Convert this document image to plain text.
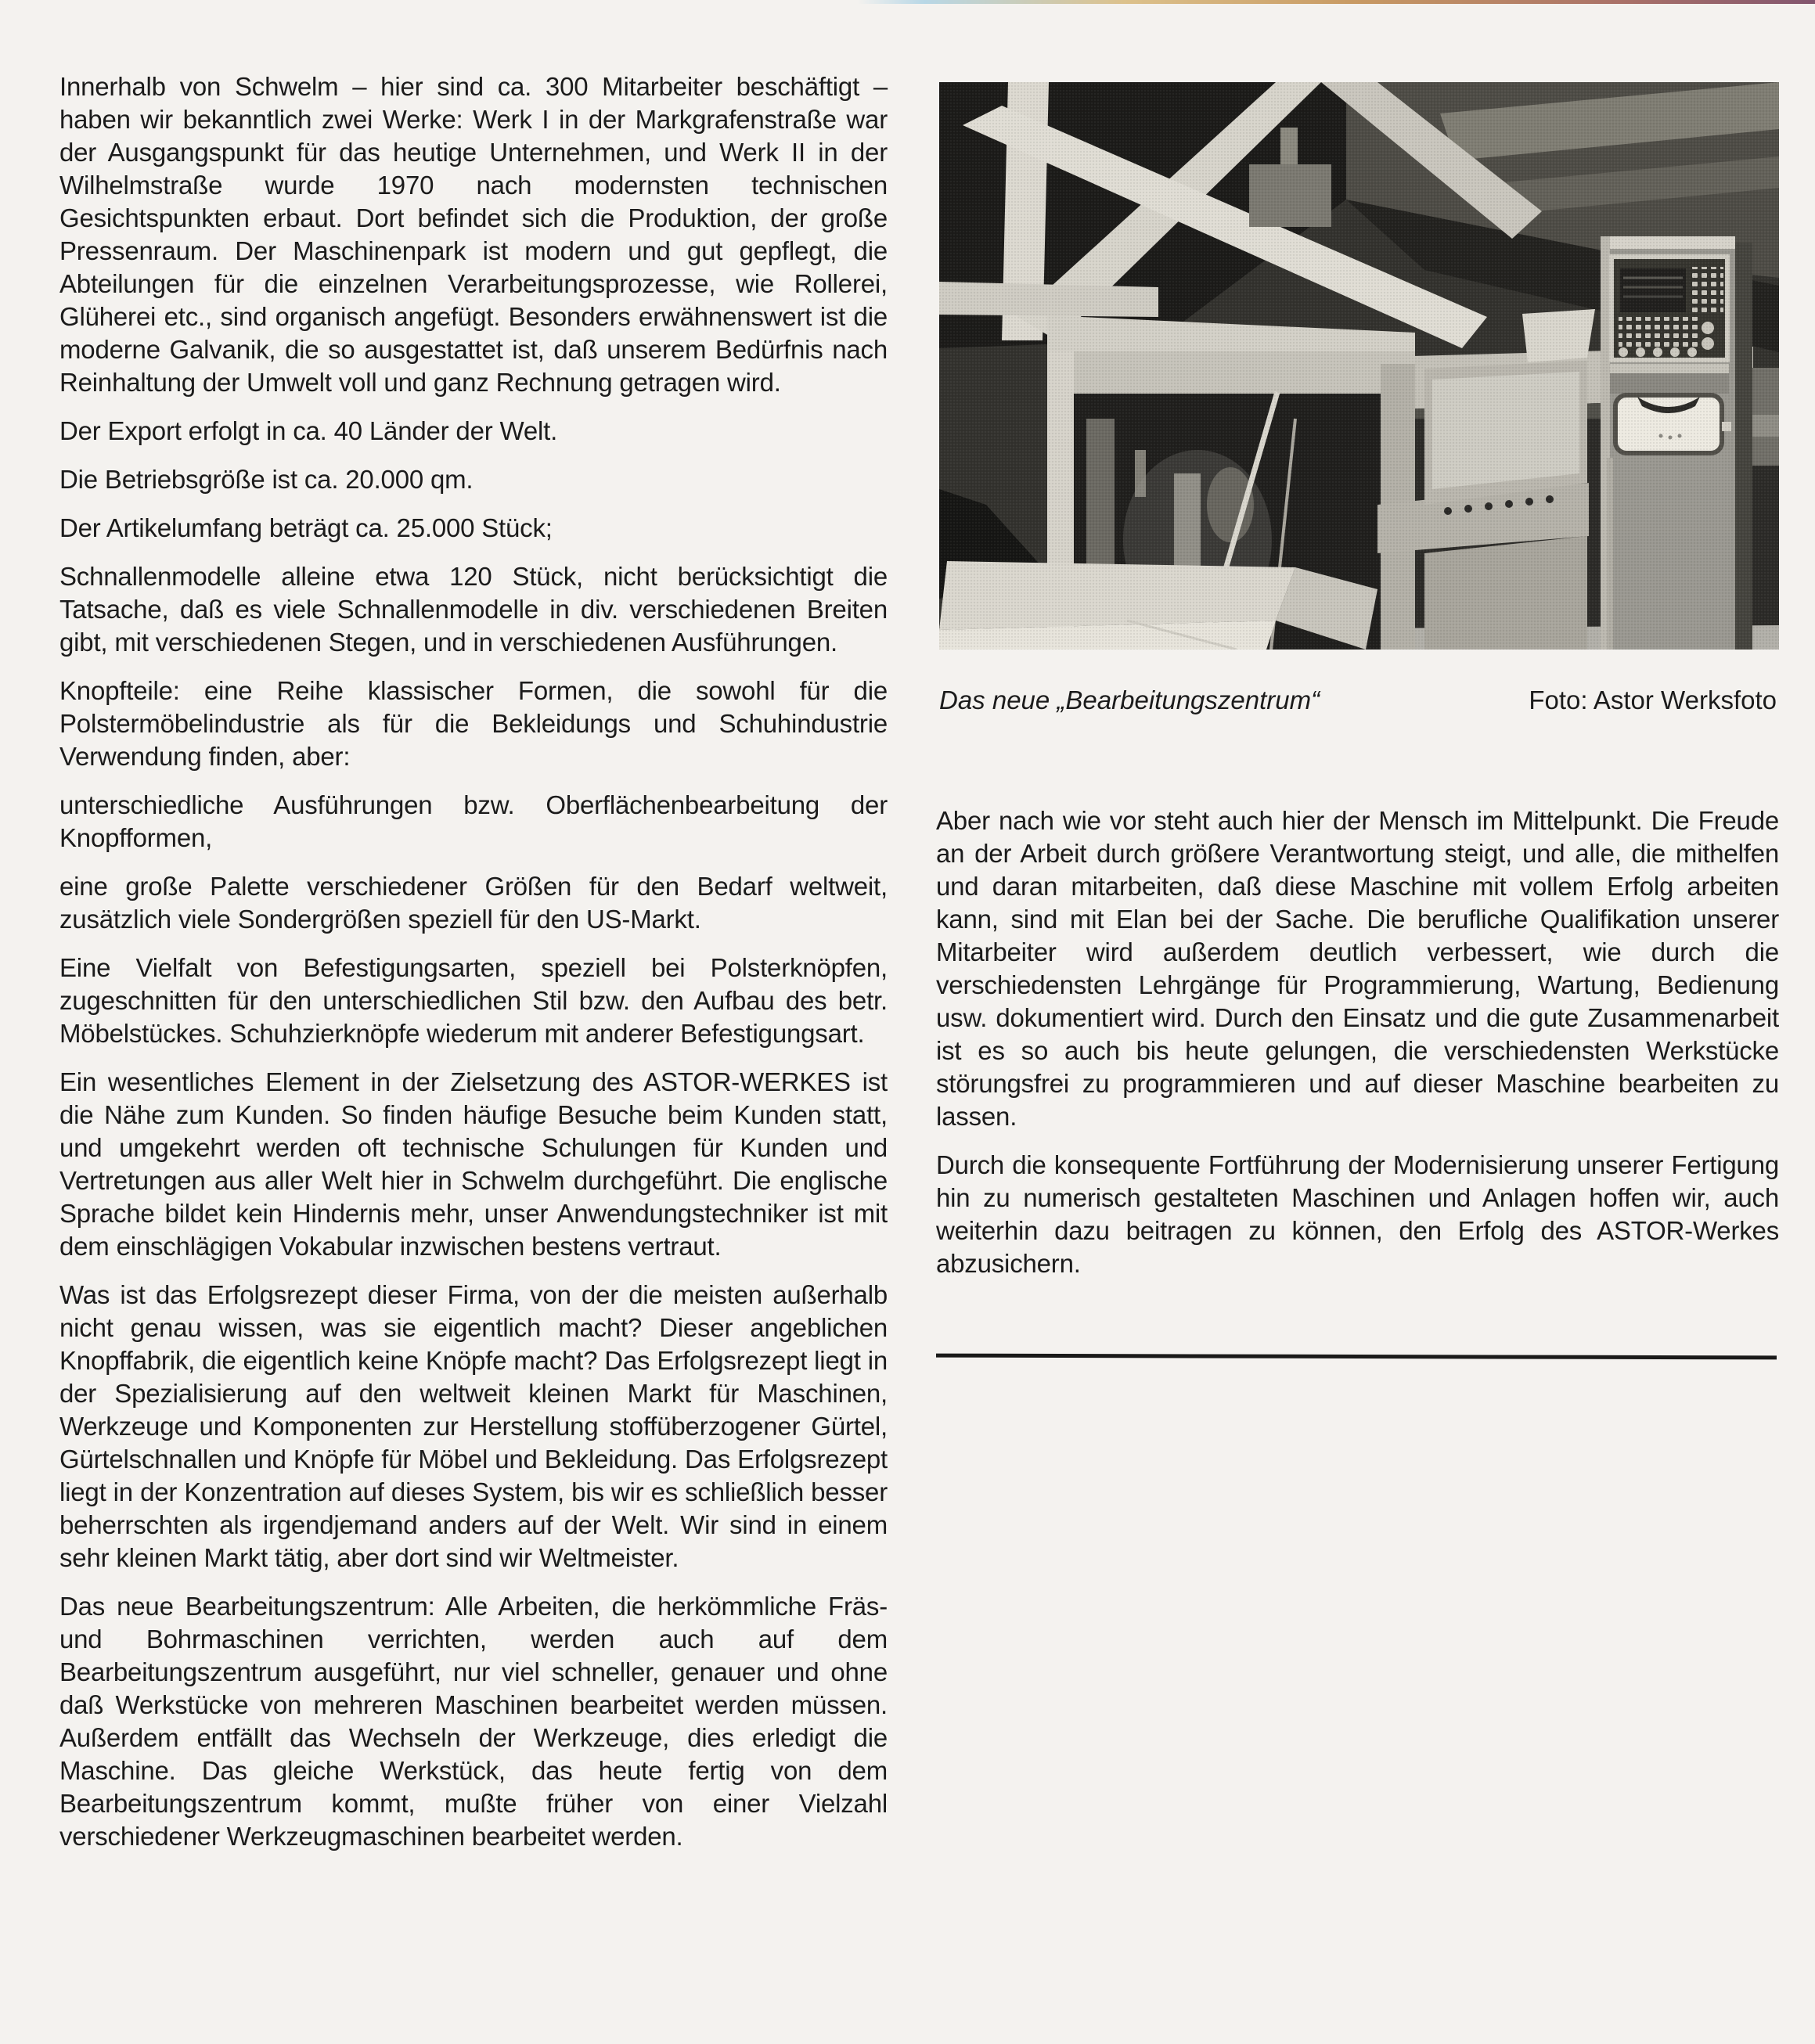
Innerhalb von Schwelm – hier sind ca. 300 Mitarbeiter beschäftigt – haben wir bekanntlich zwei Werke: Werk I in der Markgrafenstraße war der Ausgangspunkt für das heutige Unternehmen, und Werk II in der Wilhelmstraße wurde 1970 nach modernsten technischen Gesichtspunkten erbaut. Dort befindet sich die Produktion, der große Pressenraum. Der Maschinenpark ist modern und gut gepflegt, die Abteilungen für die einzelnen Verarbeitungsprozesse, wie Rollerei, Glüherei etc., sind organisch angefügt. Besonders erwähnenswert ist die moderne Galvanik, die so ausgestattet ist, daß unserem Bedürfnis nach Reinhaltung der Umwelt voll und ganz Rechnung getragen wird.

Der Export erfolgt in ca. 40 Länder der Welt.

Die Betriebsgröße ist ca. 20.000 qm.

Der Artikelumfang beträgt ca. 25.000 Stück;

Schnallenmodelle alleine etwa 120 Stück, nicht berücksichtigt die Tatsache, daß es viele Schnallenmodelle in div. verschiedenen Breiten gibt, mit verschiedenen Stegen, und in verschiedenen Ausführungen.

Knopfteile: eine Reihe klassischer Formen, die sowohl für die Polstermöbelindustrie als für die Bekleidungs und Schuhindustrie Verwendung finden, aber:

unterschiedliche Ausführungen bzw. Oberflächenbearbeitung der Knopfformen,

eine große Palette verschiedener Größen für den Bedarf weltweit, zusätzlich viele Sondergrößen speziell für den US-Markt.

Eine Vielfalt von Befestigungsarten, speziell bei Polsterknöpfen, zugeschnitten für den unterschiedlichen Stil bzw. den Aufbau des betr. Möbelstückes. Schuhzierknöpfe wiederum mit anderer Befestigungsart.

Ein wesentliches Element in der Zielsetzung des ASTOR-WERKES ist die Nähe zum Kunden. So finden häufige Besuche beim Kunden statt, und umgekehrt werden oft technische Schulungen für Kunden und Vertretungen aus aller Welt hier in Schwelm durchgeführt. Die englische Sprache bildet kein Hindernis mehr, unser Anwendungstechniker ist mit dem einschlägigen Vokabular inzwischen bestens vertraut.

Was ist das Erfolgsrezept dieser Firma, von der die meisten außerhalb nicht genau wissen, was sie eigentlich macht? Dieser angeblichen Knopffabrik, die eigentlich keine Knöpfe macht? Das Erfolgsrezept liegt in der Spezialisierung auf den weltweit kleinen Markt für Maschinen, Werkzeuge und Komponenten zur Herstellung stoffüberzogener Gürtel, Gürtelschnallen und Knöpfe für Möbel und Bekleidung. Das Erfolgsrezept liegt in der Konzentration auf dieses System, bis wir es schließlich besser beherrschten als irgendjemand anders auf der Welt. Wir sind in einem sehr kleinen Markt tätig, aber dort sind wir Weltmeister.

Das neue Bearbeitungszentrum: Alle Arbeiten, die herkömmliche Fräs- und Bohrmaschinen verrichten, werden auch auf dem Bearbeitungszentrum ausgeführt, nur viel schneller, genauer und ohne daß Werkstücke von mehreren Maschinen bearbeitet werden müssen. Außerdem entfällt das Wechseln der Werkzeuge, dies erledigt die Maschine. Das gleiche Werkstück, das heute fertig von dem Bearbeitungszentrum kommt, mußte früher von einer Vielzahl verschiedener Werkzeugmaschinen bearbeitet werden.

Das neue „Bearbeitungszentrum“	Foto: Astor Werksfoto

Aber nach wie vor steht auch hier der Mensch im Mittelpunkt. Die Freude an der Arbeit durch größere Verantwortung steigt, und alle, die mithelfen und daran mitarbeiten, daß diese Maschine mit vollem Erfolg arbeiten kann, sind mit Elan bei der Sache. Die berufliche Qualifikation unserer Mitarbeiter wird außerdem deutlich verbessert, wie durch die verschiedensten Lehrgänge für Programmierung, Wartung, Bedienung usw. dokumentiert wird. Durch den Einsatz und die gute Zusammenarbeit ist es so auch bis heute gelungen, die verschiedensten Werkstücke störungsfrei zu programmieren und auf dieser Maschine bearbeiten zu lassen.

Durch die konsequente Fortführung der Modernisierung unserer Fertigung hin zu numerisch gestalteten Maschinen und Anlagen hoffen wir, auch weiterhin dazu beitragen zu können, den Erfolg des ASTOR-Werkes abzusichern.
